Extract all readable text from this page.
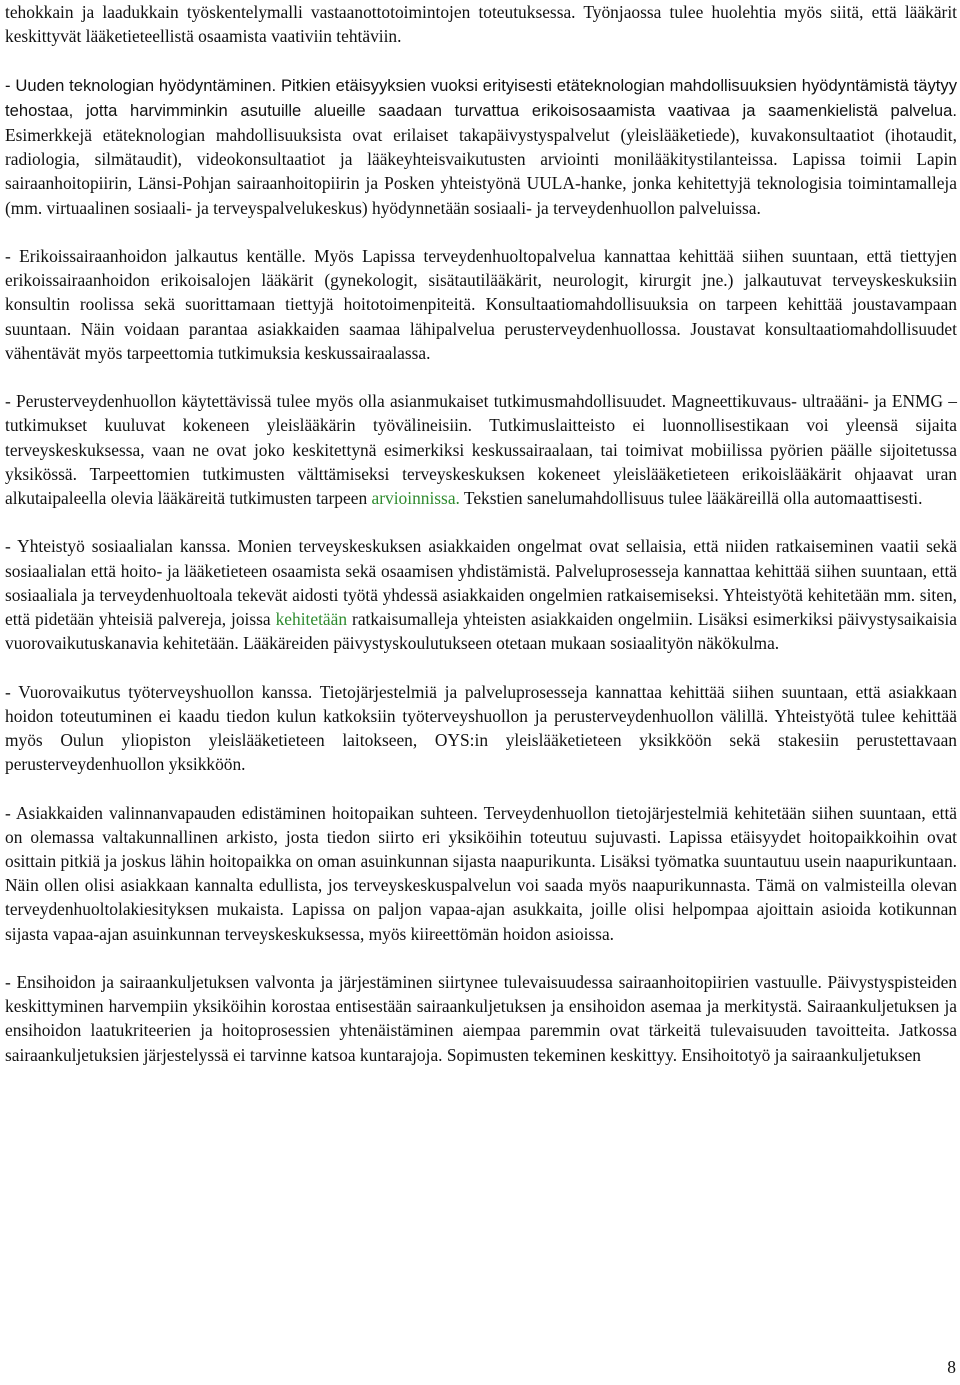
tehokkain ja laadukkain työskentelymalli vastaanottotoimintojen toteutuksessa. Työnjaossa tulee huolehtia myös siitä, että lääkärit keskittyvät lääketieteellistä osaamista vaativiin tehtäviin.

- Uuden teknologian hyödyntäminen. Pitkien etäisyyksien vuoksi erityisesti etäteknologian mahdollisuuksien hyödyntämistä täytyy tehostaa, jotta harvimminkin asutuille alueille saadaan turvattua erikoisosaamista vaativaa ja saamenkielistä palvelua. Esimerkkejä etäteknologian mahdollisuuksista ovat erilaiset takapäivystyspalvelut (yleislääketiede), kuvakonsultaatiot (ihotaudit, radiologia, silmätaudit), videokonsultaatiot ja lääkeyhteisvaikutusten arviointi monilääkitystilanteissa. Lapissa toimii Lapin sairaanhoitopiirin, Länsi-Pohjan sairaanhoitopiirin ja Posken yhteistyönä UULA-hanke, jonka kehitettyjä teknologisia toimintamalleja (mm. virtuaalinen sosiaali- ja terveyspalvelukeskus) hyödynnetään sosiaali- ja terveydenhuollon palveluissa.

- Erikoissairaanhoidon jalkautus kentälle. Myös Lapissa terveydenhuoltopalvelua kannattaa kehittää siihen suuntaan, että tiettyjen erikoissairaanhoidon erikoisalojen lääkärit (gynekologit, sisätautilääkärit, neurologit, kirurgit jne.) jalkautuvat terveyskeskuksiin konsultin roolissa sekä suorittamaan tiettyjä hoitotoimenpiteitä. Konsultaatiomahdollisuuksia on tarpeen kehittää joustavampaan suuntaan. Näin voidaan parantaa asiakkaiden saamaa lähipalvelua perusterveydenhuollossa. Joustavat konsultaatiomahdollisuudet vähentävät myös tarpeettomia tutkimuksia keskussairaalassa.

- Perusterveydenhuollon käytettävissä tulee myös olla asianmukaiset tutkimusmahdollisuudet. Magneettikuvaus- ultraääni- ja ENMG –tutkimukset kuuluvat kokeneen yleislääkärin työvälineisiin. Tutkimuslaitteisto ei luonnollisestikaan voi yleensä sijaita terveyskeskuksessa, vaan ne ovat joko keskitettynä esimerkiksi keskussairaalaan, tai toimivat mobiilissa pyörien päälle sijoitetussa yksikössä. Tarpeettomien tutkimusten välttämiseksi terveyskeskuksen kokeneet yleislääketieteen erikoislääkärit ohjaavat uran alkutaipaleella olevia lääkäreitä tutkimusten tarpeen arvioinnissa. Tekstien sanelumahdollisuus tulee lääkäreillä olla automaattisesti.

- Yhteistyö sosiaalialan kanssa. Monien terveyskeskuksen asiakkaiden ongelmat ovat sellaisia, että niiden ratkaiseminen vaatii sekä sosiaalialan että hoito- ja lääketieteen osaamista sekä osaamisen yhdistämistä. Palveluprosesseja kannattaa kehittää siihen suuntaan, että sosiaaliala ja terveydenhuoltoala tekevät aidosti työtä yhdessä asiakkaiden ongelmien ratkaisemiseksi. Yhteistyötä kehitetään mm. siten, että pidetään yhteisiä palvereja, joissa kehitetään ratkaisumalleja yhteisten asiakkaiden ongelmiin. Lisäksi esimerkiksi päivystysaikaisia vuorovaikutuskanavia kehitetään. Lääkäreiden päivystyskoulutukseen otetaan mukaan sosiaalityön näkökulma.

- Vuorovaikutus työterveyshuollon kanssa. Tietojärjestelmiä ja palveluprosesseja kannattaa kehittää siihen suuntaan, että asiakkaan hoidon toteutuminen ei kaadu tiedon kulun katkoksiin työterveyshuollon ja perusterveydenhuollon välillä. Yhteistyötä tulee kehittää myös Oulun yliopiston yleislääketieteen laitokseen, OYS:in yleislääketieteen yksikköön sekä stakesiin perustettavaan perusterveydenhuollon yksikköön.

- Asiakkaiden valinnanvapauden edistäminen hoitopaikan suhteen. Terveydenhuollon tietojärjestelmiä kehitetään siihen suuntaan, että on olemassa valtakunnallinen arkisto, josta tiedon siirto eri yksiköihin toteutuu sujuvasti. Lapissa etäisyydet hoitopaikkoihin ovat osittain pitkiä ja joskus lähin hoitopaikka on oman asuinkunnan sijasta naapurikunta. Lisäksi työmatka suuntautuu usein naapurikuntaan. Näin ollen olisi asiakkaan kannalta edullista, jos terveyskeskuspalvelun voi saada myös naapurikunnasta. Tämä on valmisteilla olevan terveydenhuoltolakiesityksen mukaista. Lapissa on paljon vapaa-ajan asukkaita, joille olisi helpompaa ajoittain asioida kotikunnan sijasta vapaa-ajan asuinkunnan terveyskeskuksessa, myös kiireettömän hoidon asioissa.

- Ensihoidon ja sairaankuljetuksen valvonta ja järjestäminen siirtynee tulevaisuudessa sairaanhoitopiirien vastuulle. Päivystyspisteiden keskittyminen harvempiin yksiköihin korostaa entisestään sairaankuljetuksen ja ensihoidon asemaa ja merkitystä. Sairaankuljetuksen ja ensihoidon laatukriteerien ja hoitoprosessien yhtenäistäminen aiempaa paremmin ovat tärkeitä tulevaisuuden tavoitteita. Jatkossa sairaankuljetuksien järjestelyssä ei tarvinne katsoa kuntarajoja. Sopimusten tekeminen keskittyy. Ensihoitotyö ja sairaankuljetuksen

8
